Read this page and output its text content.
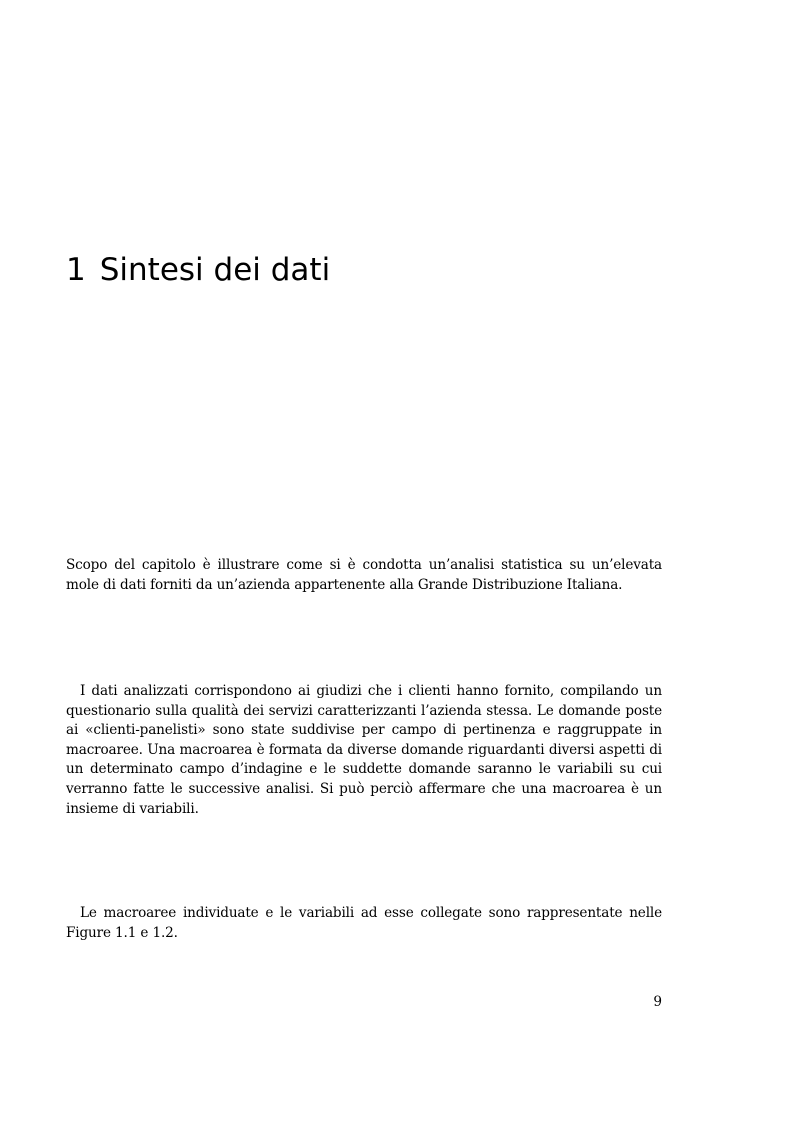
1 Sintesi dei dati

Scopo del capitolo è illustrare come si è condotta un’analisi statistica su un’elevata mole di dati forniti da un’azienda appartenente alla Grande Distribuzione Italiana.

I dati analizzati corrispondono ai giudizi che i clienti hanno fornito, compilando un questionario sulla qualità dei servizi caratterizzanti l’azienda stessa. Le domande poste ai «clienti-panelisti» sono state suddivise per campo di pertinenza e raggruppate in macroaree. Una macroarea è formata da diverse domande riguardanti diversi aspetti di un determinato campo d’indagine e le suddette domande saranno le variabili su cui verranno fatte le successive analisi. Si può perciò affermare che una macroarea è un insieme di variabili.

Le macroaree individuate e le variabili ad esse collegate sono rappresentate nelle Figure 1.1 e 1.2.

9
